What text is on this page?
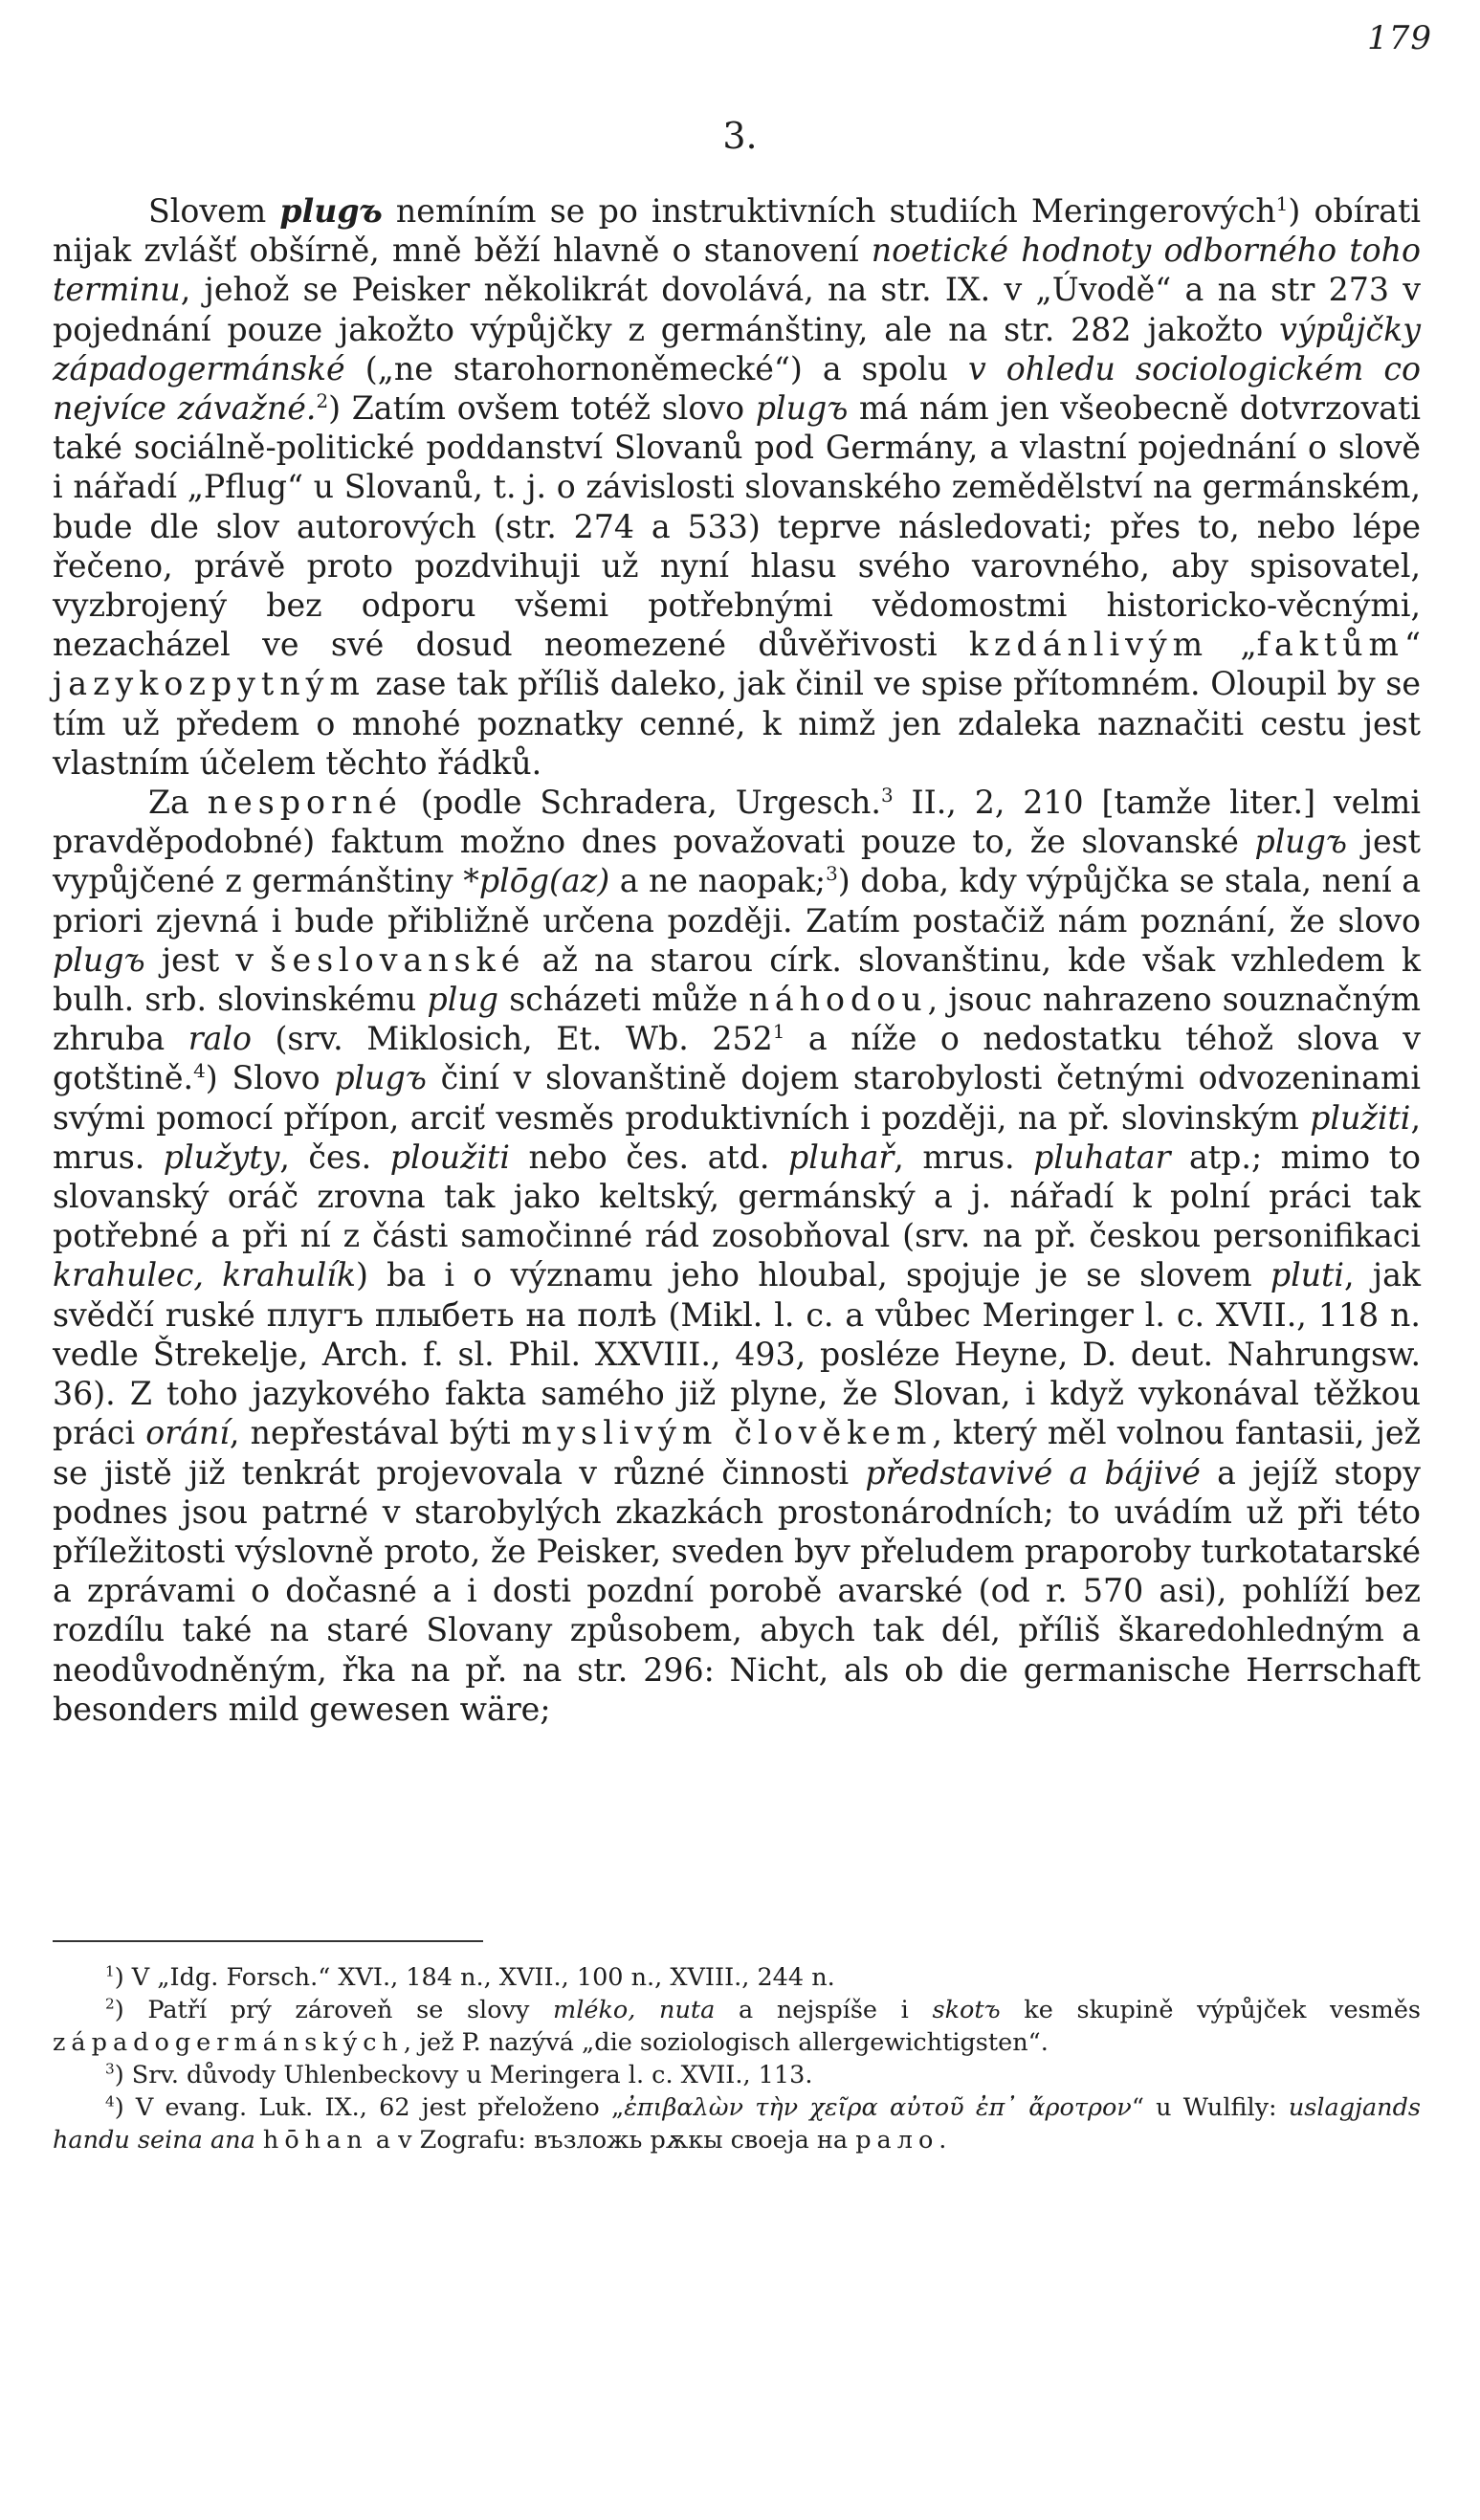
179
3.

Slovem plugъ nemíním se po instruktivních studiích Meringerových$^1$) obírati nijak zvlášť obšírně, mně běží hlavně o stanovení noetické hodnoty odborného toho terminu, jehož se Peisker několikrát dovolává, na str. IX. v „Úvodě“ a na str 273 v pojednání pouze jakožto výpůjčky z germánštiny, ale na str. 282 jakožto výpůjčky západogermánské („ne starohornoněmecké“) a spolu v ohledu sociologickém co nejvíce závažné.$^2$) Zatím ovšem totéž slovo plugъ má nám jen všeobecně dotvrzovati také sociálně-politické poddanství Slovanů pod Germány, a vlastní pojednání o slově i nářadí „Pflug“ u Slovanů, t. j. o závislosti slovanského zemědělství na germánském, bude dle slov autorových (str. 274 a 533) teprve následovati; přes to, nebo lépe řečeno, právě proto pozdvihuji už nyní hlasu svého varovného, aby spisovatel, vyzbrojený bez odporu všemi potřebnými vědomostmi historicko-věcnými, nezacházel ve své dosud neomezené důvěřivosti kzdánlivým „faktům“ jazykozpytným zase tak příliš daleko, jak činil ve spise přítomném. Oloupil by se tím už předem o mnohé poznatky cenné, k nimž jen zdaleka naznačiti cestu jest vlastním účelem těchto řádků.

Za nesporné (podle Schradera, Urgesch.$^3$ II., 2, 210 [tamže liter.] velmi pravděpodobné) faktum možno dnes považovati pouze to, že slovanské plugъ jest vypůjčené z germánštiny *plōg(az) a ne naopak;$^3$) doba, kdy výpůjčka se stala, není a priori zjevná i bude přibližně určena později. Zatím postačiž nám poznání, že slovo plugъ jest v šeslovanské až na starou círk. slovanštinu, kde však vzhledem k bulh. srb. slovinskému plug scházeti může náhodou, jsouc nahrazeno souznačným zhruba ralo (srv. Miklosich, Et. Wb. $252^1$ a níže o nedostatku téhož slova v gotštině.$^4$) Slovo plugъ činí v slovanštině dojem starobylosti četnými odvozeninami svými pomocí přípon, arciť vesměs produktivních i později, na př. slovinským plužiti, mrus. plužyty, čes. ploužiti nebo čes. atd. pluhař, mrus. pluhatar atp.; mimo to slovanský oráč zrovna tak jako keltský, germánský a j. nářadí k polní práci tak potřebné a při ní z části samočinné rád zosobňoval (srv. na př. českou personifikaci krahulec, krahulík) ba i o významu jeho hloubal, spojuje je se slovem pluti, jak svědčí ruské плугъ плыбеть на полѣ (Mikl. l. c. a vůbec Meringer l. c. XVII., 118 n. vedle Štrekelje, Arch. f. sl. Phil. XXVIII., 493, posléze Heyne, D. deut. Nahrungsw. 36). Z toho jazykového fakta samého již plyne, že Slovan, i když vykonával těžkou práci orání, nepřestával býti myslivým člověkem, který měl volnou fantasii, jež se jistě již tenkrát projevovala v různé činnosti představivé a bájivé a jejíž stopy podnes jsou patrné v starobylých zkazkách prostonárodních; to uvádím už při této příležitosti výslovně proto, že Peisker, sveden byv přeludem praporoby turkotatarské a zprávami o dočasné a i dosti pozdní porobě avarské (od r. 570 asi), pohlíží bez rozdílu také na staré Slovany způsobem, abych tak dél, příliš škaredohledným a neodůvodněným, řka na př. na str. 296: Nicht, als ob die germanische Herrschaft besonders mild gewesen wäre;

$^1$) V „Idg. Forsch.“ XVI., 184 n., XVII., 100 n., XVIII., 244 n.

$^2$) Patří prý zároveň se slovy mléko, nuta a nejspíše i skotъ ke skupině výpůjček vesměs západogermánských, jež P. nazývá „die soziologisch allergewichtigsten“.

$^3$) Srv. důvody Uhlenbeckovy u Meringera l. c. XVII., 113.

$^4$) V evang. Luk. IX., 62 jest přeloženo „ἐπιβαλὼν τὴν χεῖρα αὐτοῦ ἐπ᾿ ἄροτρον“ u Wulfily: uslagjands handu seina ana hōhan a v Zografu: възложь рѫкы своеја на ралo.
